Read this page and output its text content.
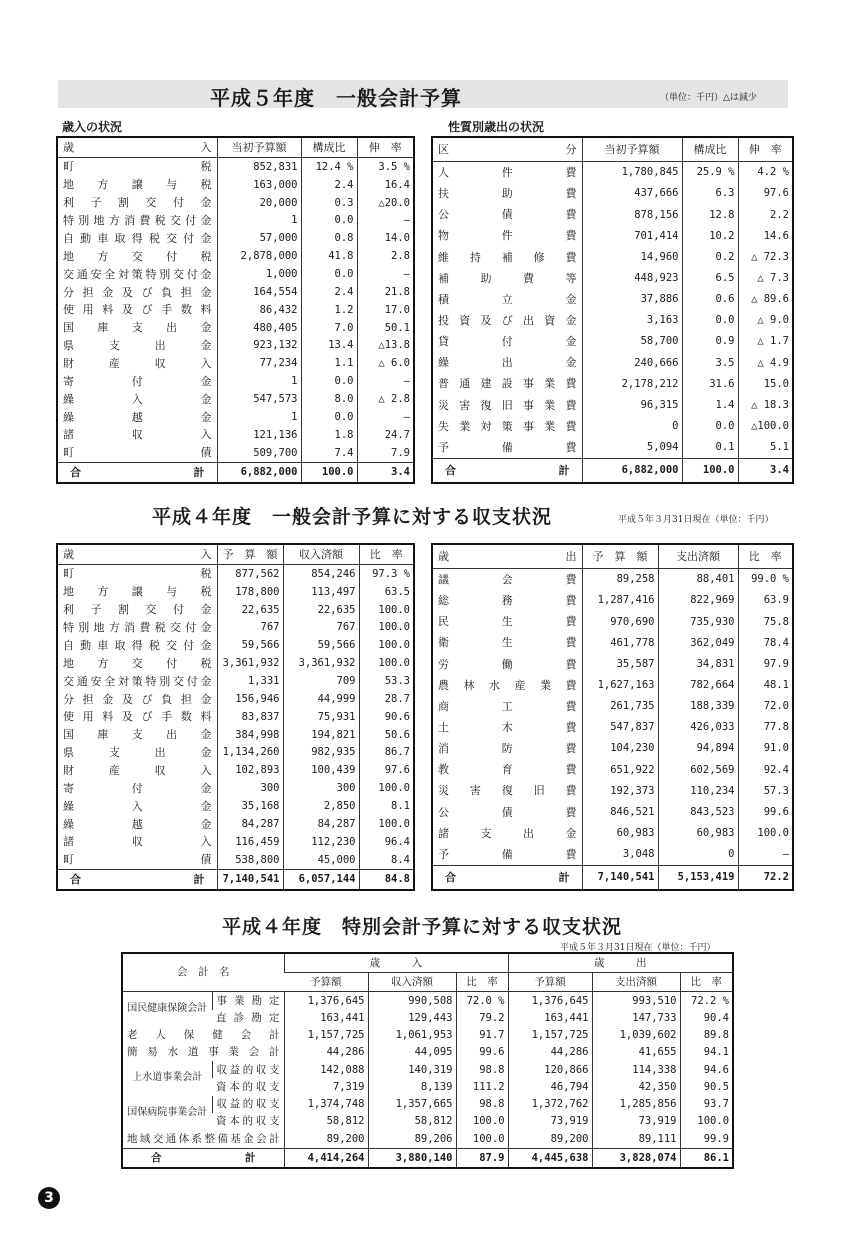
平成５年度　一般会計予算	（単位：千円）△は減少
歳入の状況	性質別歳出の状況
歳　　　　入	当初予算額	構成比	伸　率
町　　　税	852,831	12.4 %	3.5 %
地方譲与税	163,000	2.4	16.4
利子割交付金	20,000	0.3	△20.0
特別地方消費税交付金	1	0.0	—
自動車取得税交付金	57,000	0.8	14.0
地方交付税	2,878,000	41.8	2.8
交通安全対策特別交付金	1,000	0.0	—
分担金及び負担金	164,554	2.4	21.8
使用料及び手数料	86,432	1.2	17.0
国庫支出金	480,405	7.0	50.1
県支出金	923,132	13.4	△13.8
財産収入	77,234	1.1	△ 6.0
寄付金	1	0.0	—
繰入金	547,573	8.0	△ 2.8
繰越金	1	0.0	—
諸収入	121,136	1.8	24.7
町　　　債	509,700	7.4	7.9
合　　計	6,882,000	100.0	3.4
区　　　分	当初予算額	構成比	伸　率
人　件　費	1,780,845	25.9 %	4.2 %
扶　助　費	437,666	6.3	97.6
公　債　費	878,156	12.8	2.2
物　件　費	701,414	10.2	14.6
維持補修費	14,960	0.2	△ 72.3
補助費等	448,923	6.5	△ 7.3
積　立　金	37,886	0.6	△ 89.6
投資及び出資金	3,163	0.0	△ 9.0
貸　付　金	58,700	0.9	△ 1.7
繰　出　金	240,666	3.5	△ 4.9
普通建設事業費	2,178,212	31.6	15.0
災害復旧事業費	96,315	1.4	△ 18.3
失業対策事業費	0	0.0	△100.0
予　備　費	5,094	0.1	5.1
合　　計	6,882,000	100.0	3.4
平成４年度　一般会計予算に対する収支状況	平成５年３月31日現在（単位：千円）
歳　　　　入	予　算　額	収入済額	比　率
町　　　税	877,562	854,246	97.3 %
地方譲与税	178,800	113,497	63.5
利子割交付金	22,635	22,635	100.0
特別地方消費税交付金	767	767	100.0
自動車取得税交付金	59,566	59,566	100.0
地方交付税	3,361,932	3,361,932	100.0
交通安全対策特別交付金	1,331	709	53.3
分担金及び負担金	156,946	44,999	28.7
使用料及び手数料	83,837	75,931	90.6
国庫支出金	384,998	194,821	50.6
県支出金	1,134,260	982,935	86.7
財産収入	102,893	100,439	97.6
寄付金	300	300	100.0
繰入金	35,168	2,850	8.1
繰越金	84,287	84,287	100.0
諸収入	116,459	112,230	96.4
町　　　債	538,800	45,000	8.4
合　　計	7,140,541	6,057,144	84.8
歳　　　　出	予　算　額	支出済額	比　率
議　会　費	89,258	88,401	99.0 %
総　務　費	1,287,416	822,969	63.9
民　生　費	970,690	735,930	75.8
衛　生　費	461,778	362,049	78.4
労　働　費	35,587	34,831	97.9
農林水産業費	1,627,163	782,664	48.1
商　工　費	261,735	188,339	72.0
土　木　費	547,837	426,033	77.8
消　防　費	104,230	94,894	91.0
教　育　費	651,922	602,569	92.4
災害復旧費	192,373	110,234	57.3
公　債　費	846,521	843,523	99.6
諸支出金	60,983	60,983	100.0
予　備　費	3,048	0	—
合　　計	7,140,541	5,153,419	72.2
平成４年度　特別会計予算に対する収支状況
平成５年３月31日現在（単位：千円）
会　計　名		歳　　　入			歳　　　出		
		予算額	収入済額	比　率	予算額	支出済額	比　率
国民健康保険会計	事業勘定	1,376,645	990,508	72.0 %	1,376,645	993,510	72.2 %
	直診勘定	163,441	129,443	79.2	163,441	147,733	90.4
老人保健会計		1,157,725	1,061,953	91.7	1,157,725	1,039,602	89.8
簡易水道事業会計		44,286	44,095	99.6	44,286	41,655	94.1
上水道事業会計	収益的収支	142,088	140,319	98.8	120,866	114,338	94.6
	資本的収支	7,319	8,139	111.2	46,794	42,350	90.5
国保病院事業会計	収益的収支	1,374,748	1,357,665	98.8	1,372,762	1,285,856	93.7
	資本的収支	58,812	58,812	100.0	73,919	73,919	100.0
地域交通体系整備基金会計		89,200	89,206	100.0	89,200	89,111	99.9
合　　　計		4,414,264	3,880,140	87.9	4,445,638	3,828,074	86.1
3
